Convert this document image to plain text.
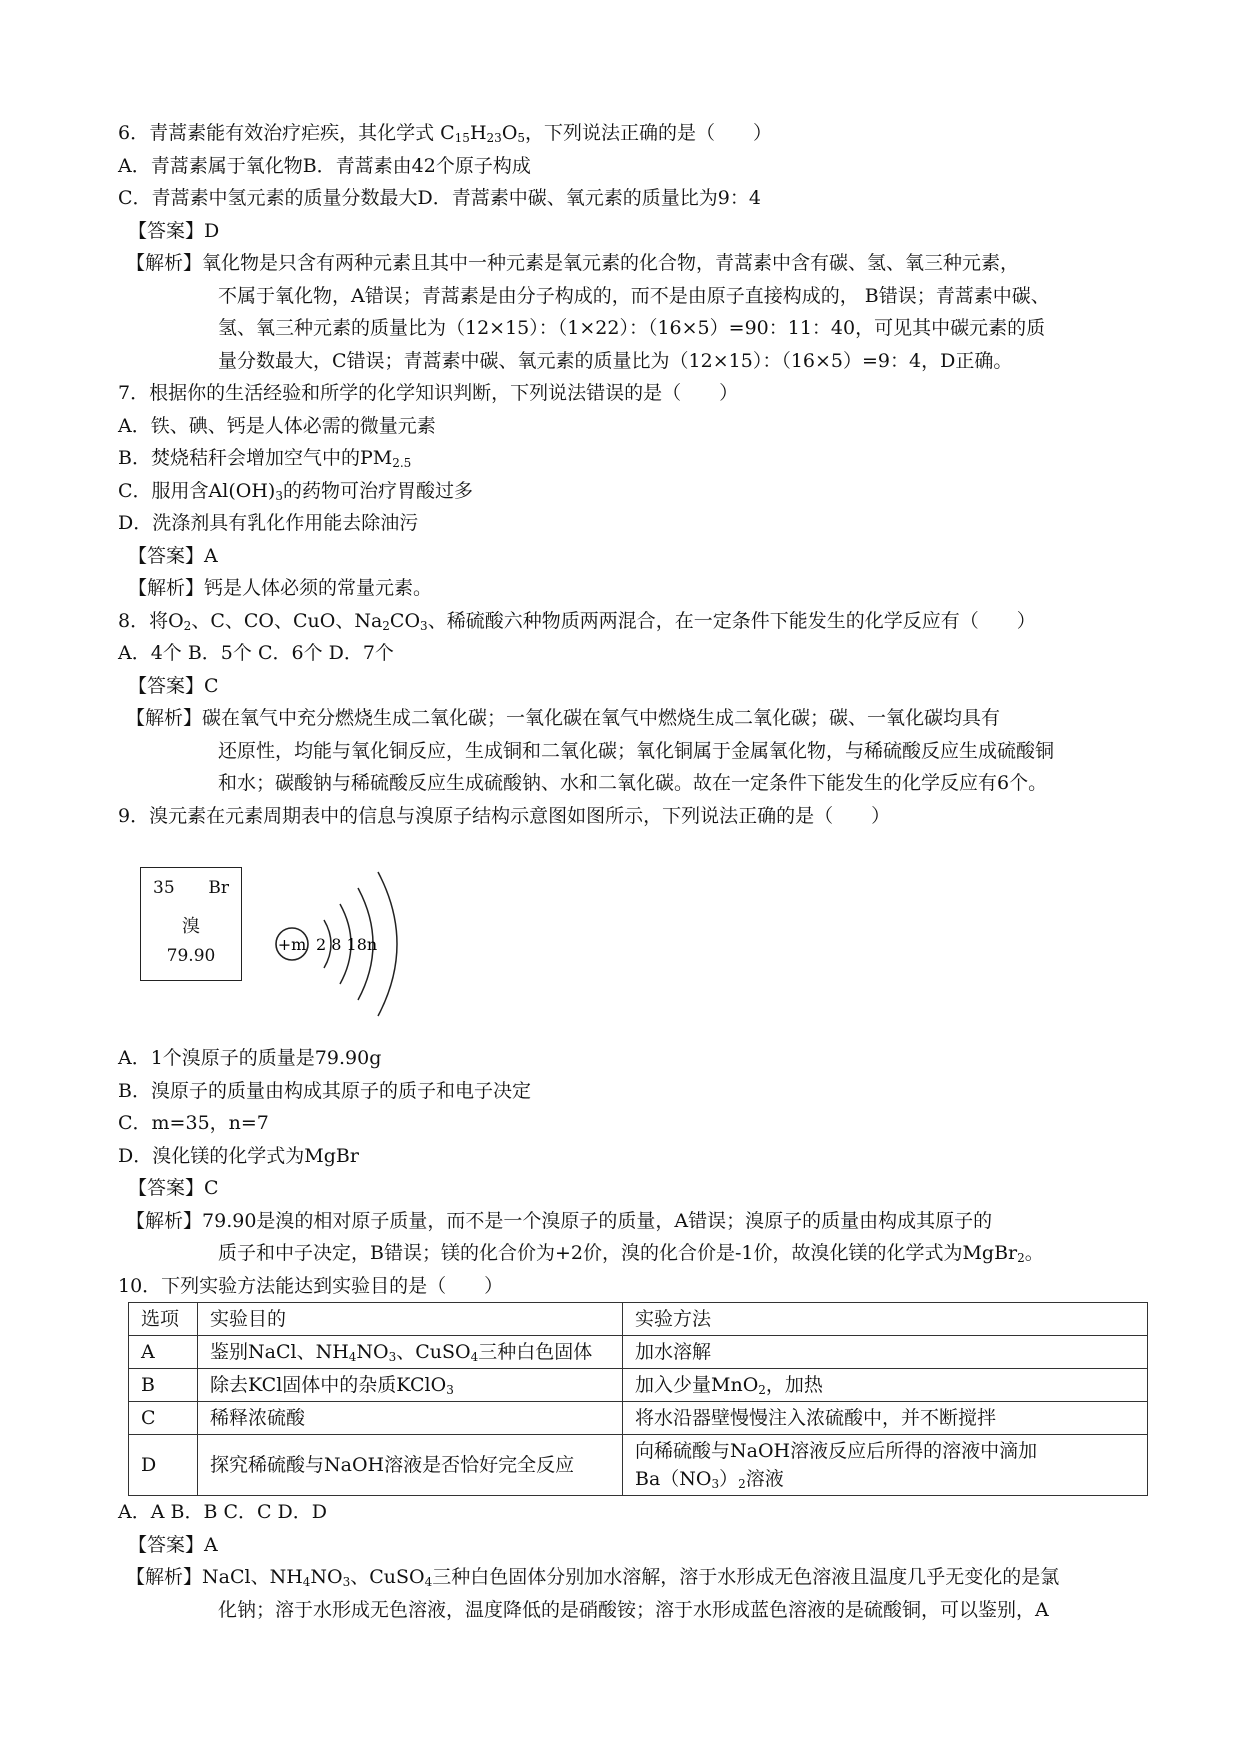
6．青蒿素能有效治疗疟疾，其化学式 $C_{15}H_{23}O_5$，下列说法正确的是（　　）
A．青蒿素属于氧化物B．青蒿素由42个原子构成
C．青蒿素中氢元素的质量分数最大D．青蒿素中碳、氧元素的质量比为9：4
【答案】D
【解析】氧化物是只含有两种元素且其中一种元素是氧元素的化合物，青蒿素中含有碳、氢、氧三种元素，
不属于氧化物，A错误；青蒿素是由分子构成的，而不是由原子直接构成的， B错误；青蒿素中碳、
氢、氧三种元素的质量比为（12×15）：（1×22）：（16×5）=90：11：40，可见其中碳元素的质
量分数最大，C错误；青蒿素中碳、氧元素的质量比为（12×15）：（16×5）=9：4，D正确。
7．根据你的生活经验和所学的化学知识判断，下列说法错误的是（　　）
A．铁、碘、钙是人体必需的微量元素
B．焚烧秸秆会增加空气中的$PM_{2.5}$
C．服用含$Al(OH)_3$的药物可治疗胃酸过多
D．洗涤剂具有乳化作用能去除油污
【答案】A
【解析】钙是人体必须的常量元素。
8．将$O_2$、C、CO、CuO、$Na_2CO_3$、稀硫酸六种物质两两混合，在一定条件下能发生的化学反应有（　　）
A．4个 B．5个 C．6个 D．7个
【答案】C
【解析】碳在氧气中充分燃烧生成二氧化碳；一氧化碳在氧气中燃烧生成二氧化碳；碳、一氧化碳均具有
还原性，均能与氧化铜反应，生成铜和二氧化碳；氧化铜属于金属氧化物，与稀硫酸反应生成硫酸铜
和水；碳酸钠与稀硫酸反应生成硫酸钠、水和二氧化碳。故在一定条件下能发生的化学反应有6个。
9．溴元素在元素周期表中的信息与溴原子结构示意图如图所示，下列说法正确的是（　　）
35 Br
溴
79.90
+m 2 8 18n
A．1个溴原子的质量是79.90g
B．溴原子的质量由构成其原子的质子和电子决定
C．m=35，n=7
D．溴化镁的化学式为MgBr
【答案】C
【解析】79.90是溴的相对原子质量，而不是一个溴原子的质量，A错误；溴原子的质量由构成其原子的
质子和中子决定，B错误；镁的化合价为+2价，溴的化合价是-1价，故溴化镁的化学式为MgBr$_2$。
10．下列实验方法能达到实验目的是（　　）
选项	实验目的	实验方法
A	鉴别NaCl、$NH_4NO_3$、CuSO$_4$三种白色固体	加水溶解
B	除去KCl固体中的杂质KClO$_3$	加入少量MnO$_2$，加热
C	稀释浓硫酸	将水沿器壁慢慢注入浓硫酸中，并不断搅拌
D	探究稀硫酸与NaOH溶液是否恰好完全反应	向稀硫酸与NaOH溶液反应后所得的溶液中滴加
$Ba(NO_3)_2$溶液
A．A B．B C．C D．D
【答案】A
【解析】NaCl、$NH_4NO_3$、CuSO$_4$三种白色固体分别加水溶解，溶于水形成无色溶液且温度几乎无变化的是氯
化钠；溶于水形成无色溶液，温度降低的是硝酸铵；溶于水形成蓝色溶液的是硫酸铜，可以鉴别，A
